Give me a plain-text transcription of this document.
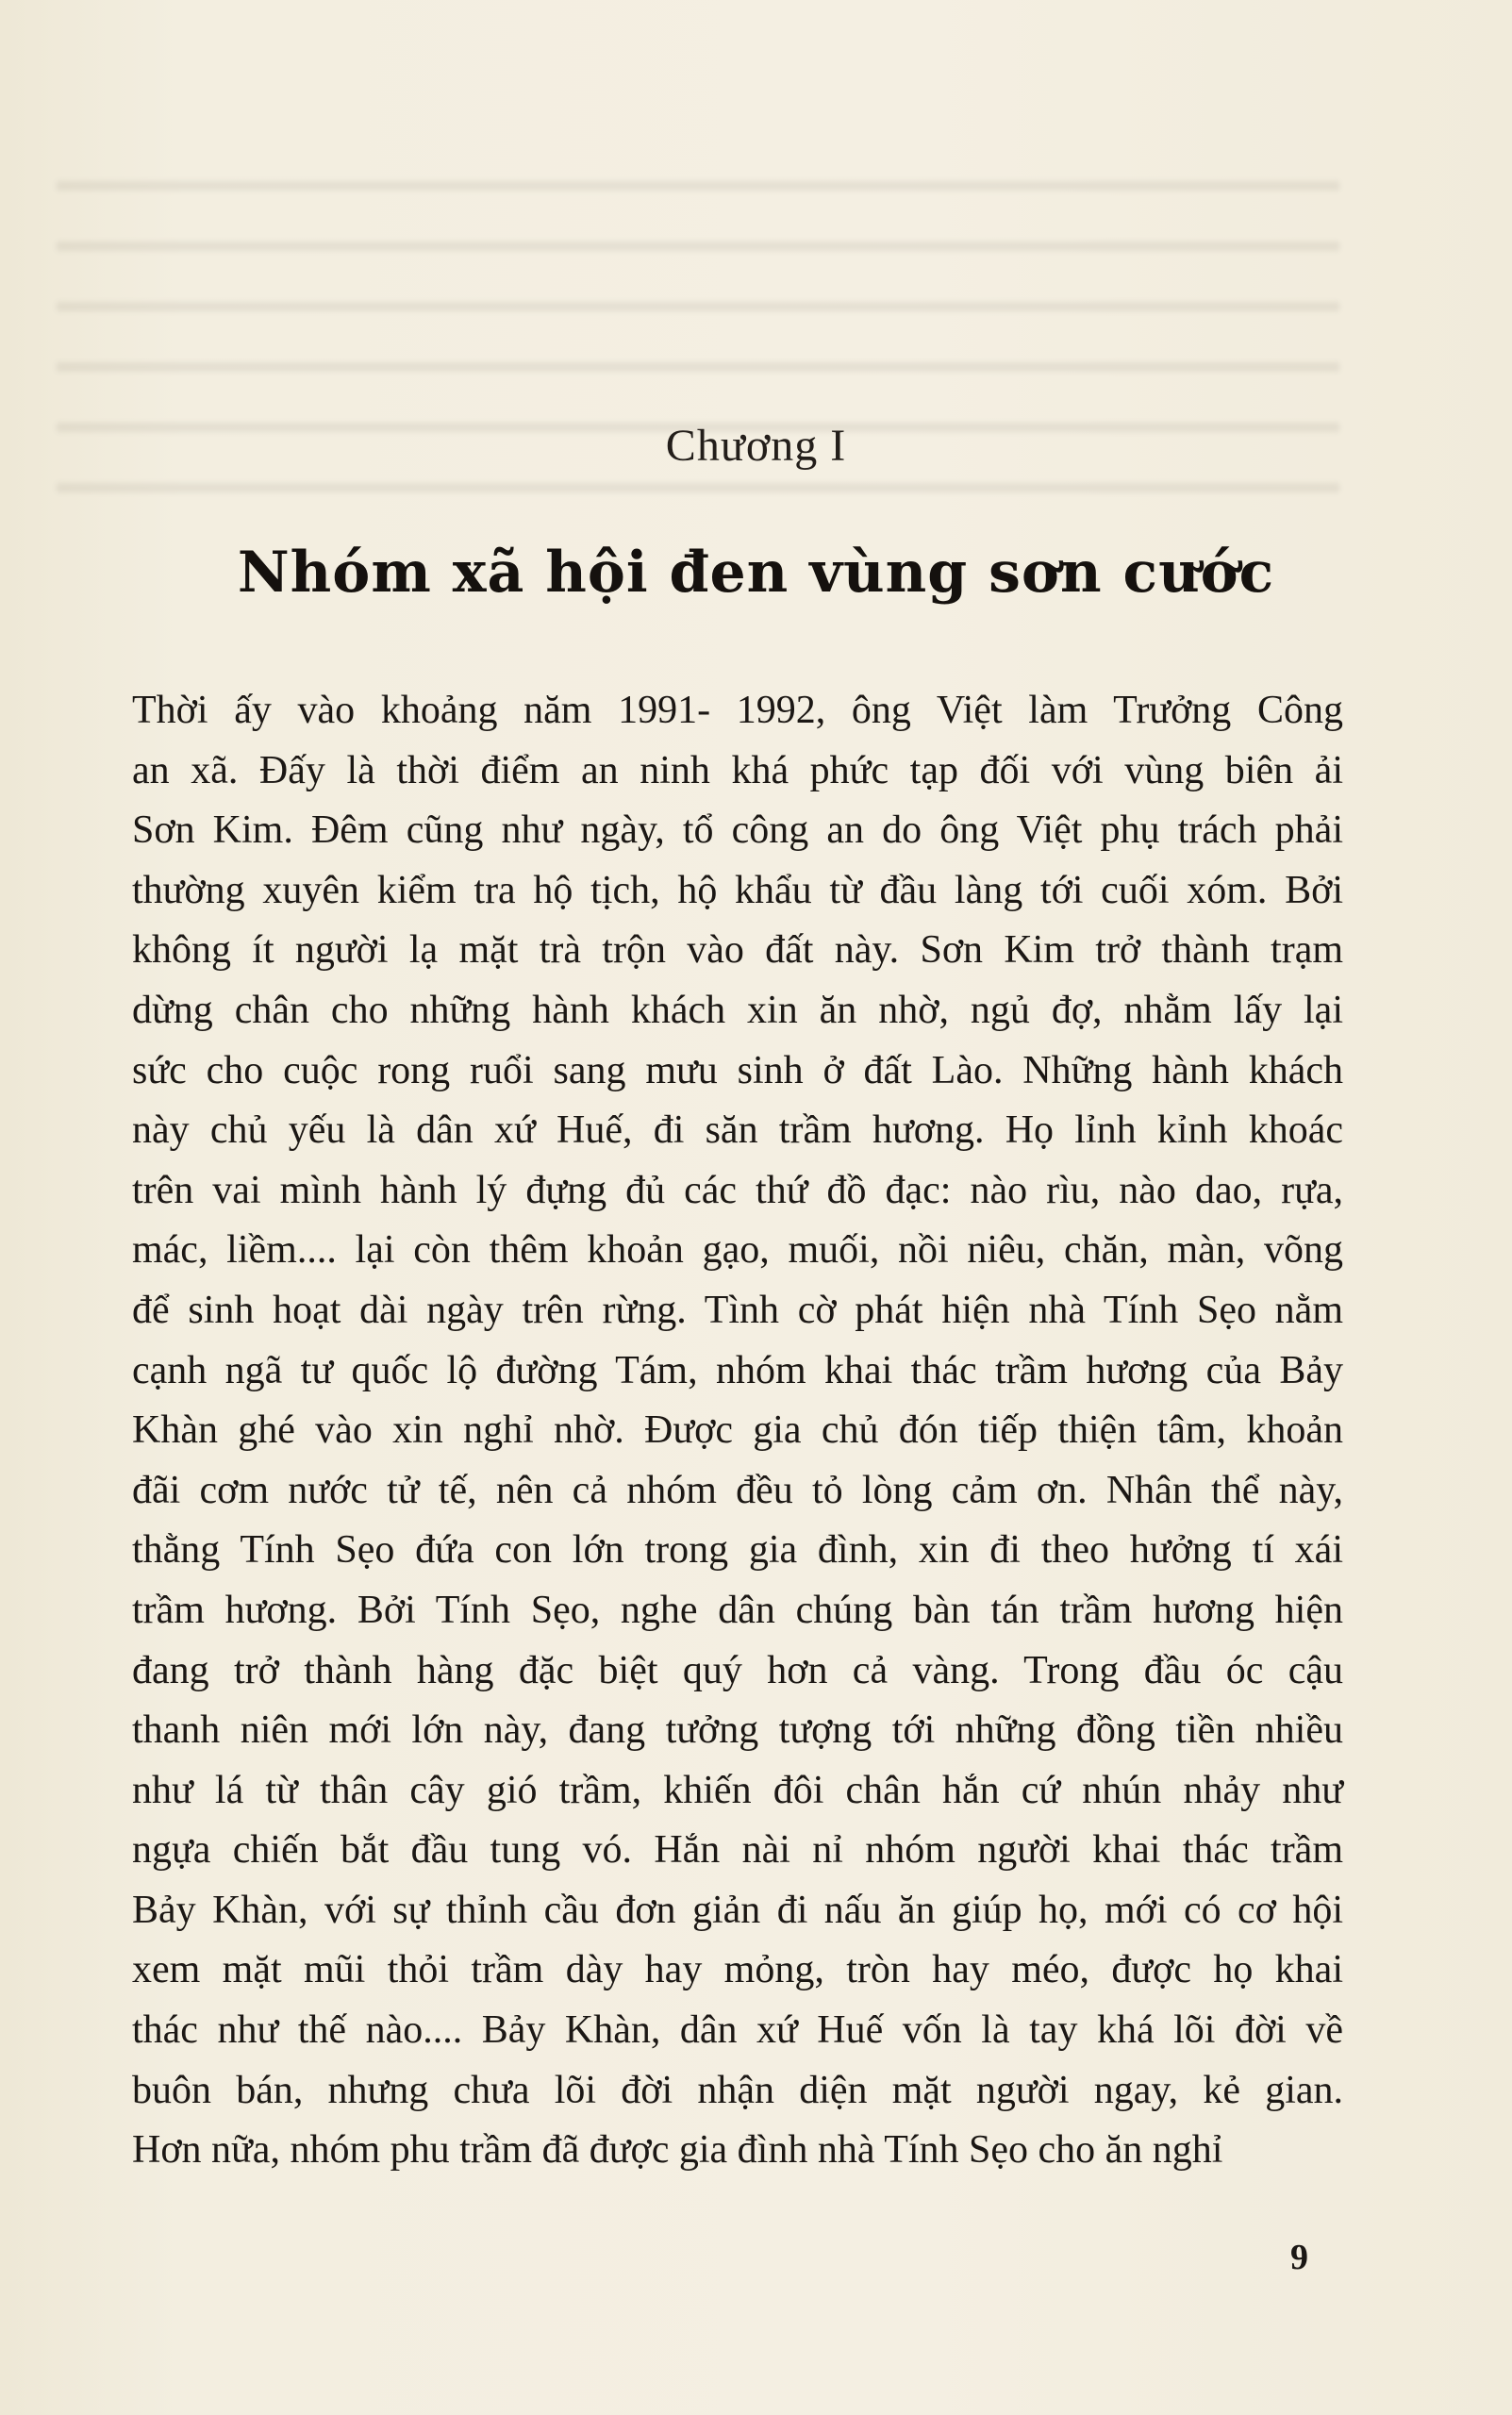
Chương I
Nhóm xã hội đen vùng sơn cước
Thời ấy vào khoảng năm 1991- 1992, ông Việt làm Trưởng Công
an xã. Đấy là thời điểm an ninh khá phức tạp đối với vùng biên ải
Sơn Kim. Đêm cũng như ngày, tổ công an do ông Việt phụ trách phải
thường xuyên kiểm tra hộ tịch, hộ khẩu từ đầu làng tới cuối xóm. Bởi
không ít người lạ mặt trà trộn vào đất này. Sơn Kim trở thành trạm
dừng chân cho những hành khách xin ăn nhờ, ngủ đợ, nhằm lấy lại
sức cho cuộc rong ruổi sang mưu sinh ở đất Lào. Những hành khách
này chủ yếu là dân xứ Huế, đi săn trầm hương. Họ lỉnh kỉnh khoác
trên vai mình hành lý đựng đủ các thứ đồ đạc: nào rìu, nào dao, rựa,
mác, liềm.... lại còn thêm khoản gạo, muối, nồi niêu, chăn, màn, võng
để sinh hoạt dài ngày trên rừng. Tình cờ phát hiện nhà Tính Sẹo nằm
cạnh ngã tư quốc lộ đường Tám, nhóm khai thác trầm hương của Bảy
Khàn ghé vào xin nghỉ nhờ. Được gia chủ đón tiếp thiện tâm, khoản
đãi cơm nước tử tế, nên cả nhóm đều tỏ lòng cảm ơn. Nhân thể này,
thằng Tính Sẹo đứa con lớn trong gia đình, xin đi theo hưởng tí xái
trầm hương. Bởi Tính Sẹo, nghe dân chúng bàn tán trầm hương hiện
đang trở thành hàng đặc biệt quý hơn cả vàng. Trong đầu óc cậu
thanh niên mới lớn này, đang tưởng tượng tới những đồng tiền nhiều
như lá từ thân cây gió trầm, khiến đôi chân hắn cứ nhún nhảy như
ngựa chiến bắt đầu tung vó. Hắn nài nỉ nhóm người khai thác trầm
Bảy Khàn, với sự thỉnh cầu đơn giản đi nấu ăn giúp họ, mới có cơ hội
xem mặt mũi thỏi trầm dày hay mỏng, tròn hay méo, được họ khai
thác như thế nào.... Bảy Khàn, dân xứ Huế vốn là tay khá lõi đời về
buôn bán, nhưng chưa lõi đời nhận diện mặt người ngay, kẻ gian.
Hơn nữa, nhóm phu trầm đã được gia đình nhà Tính Sẹo cho ăn nghỉ
9
